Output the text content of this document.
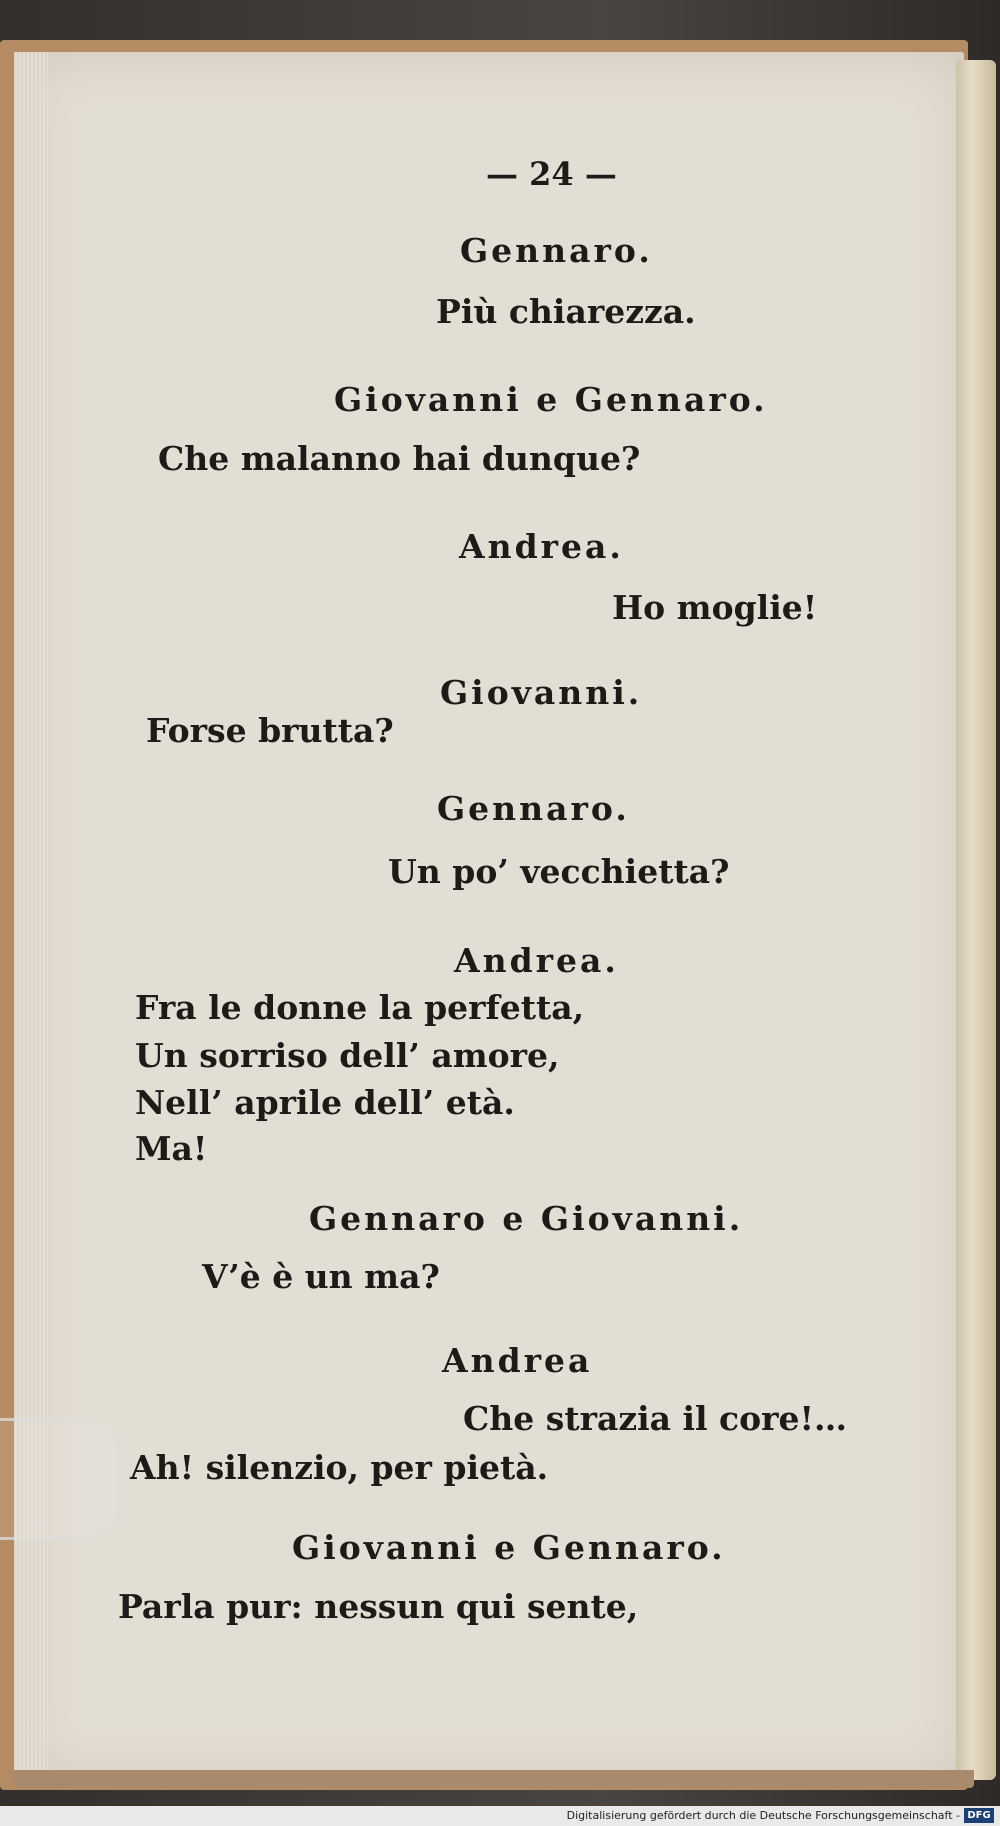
— 24 —
Gennaro.
Più chiarezza.
Giovanni e Gennaro.
Che malanno hai dunque?
Andrea.
Ho moglie!
Giovanni.
Forse brutta?
Gennaro.
Un po’ vecchietta?
Andrea.
Fra le donne la perfetta,
Un sorriso dell’ amore,
Nell’ aprile dell’ età.
Ma!
Gennaro e Giovanni.
V’è è un ma?
Andrea
Che strazia il core!…
Ah! silenzio, per pietà.
Giovanni e Gennaro.
Parla pur: nessun qui sente,
Digitalisierung gefördert durch die Deutsche Forschungsgemeinschaft - DFG
